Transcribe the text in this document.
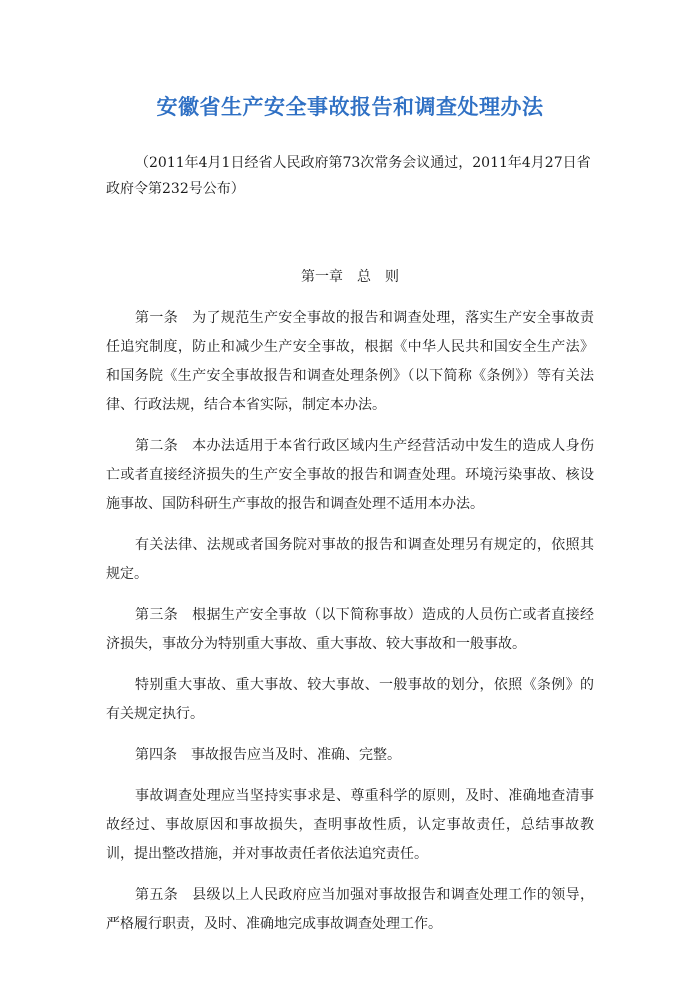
安徽省生产安全事故报告和调查处理办法

（2011年4月1日经省人民政府第73次常务会议通过，2011年4月27日省政府令第232号公布）

第一章　总　则

第一条 为了规范生产安全事故的报告和调查处理，落实生产安全事故责任追究制度，防止和减少生产安全事故，根据《中华人民共和国安全生产法》和国务院《生产安全事故报告和调查处理条例》（以下简称《条例》）等有关法律、行政法规，结合本省实际，制定本办法。

第二条 本办法适用于本省行政区域内生产经营活动中发生的造成人身伤亡或者直接经济损失的生产安全事故的报告和调查处理。环境污染事故、核设施事故、国防科研生产事故的报告和调查处理不适用本办法。

有关法律、法规或者国务院对事故的报告和调查处理另有规定的，依照其规定。

第三条 根据生产安全事故（以下简称事故）造成的人员伤亡或者直接经济损失，事故分为特别重大事故、重大事故、较大事故和一般事故。

特别重大事故、重大事故、较大事故、一般事故的划分，依照《条例》的有关规定执行。

第四条 事故报告应当及时、准确、完整。

事故调查处理应当坚持实事求是、尊重科学的原则，及时、准确地查清事故经过、事故原因和事故损失，查明事故性质，认定事故责任，总结事故教训，提出整改措施，并对事故责任者依法追究责任。

第五条 县级以上人民政府应当加强对事故报告和调查处理工作的领导，严格履行职责，及时、准确地完成事故调查处理工作。
